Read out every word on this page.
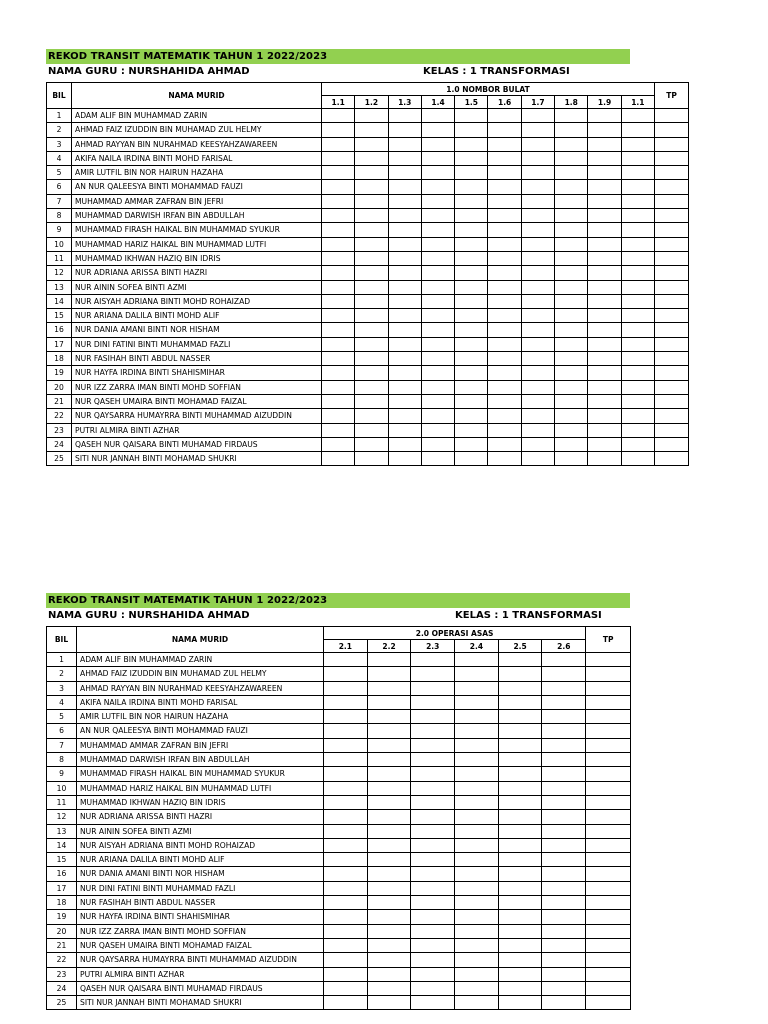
REKOD TRANSIT MATEMATIK TAHUN 1 2022/2023
NAMA GURU : NURSHAHIDA AHMAD	KELAS : 1 TRANSFORMASI
BIL	NAMA MURID	1.0 NOMBOR BULAT										TP
		1.1	1.2	1.3	1.4	1.5	1.6	1.7	1.8	1.9	1.1	
1	ADAM ALIF BIN MUHAMMAD ZARIN											
2	AHMAD FAIZ IZUDDIN BIN MUHAMAD ZUL HELMY											
3	AHMAD RAYYAN BIN NURAHMAD KEESYAHZAWAREEN											
4	AKIFA NAILA IRDINA BINTI MOHD FARISAL											
5	AMIR LUTFIL BIN NOR HAIRUN HAZAHA											
6	AN NUR QALEESYA BINTI MOHAMMAD FAUZI											
7	MUHAMMAD AMMAR ZAFRAN BIN JEFRI											
8	MUHAMMAD DARWISH IRFAN BIN ABDULLAH											
9	MUHAMMAD FIRASH HAIKAL BIN MUHAMMAD SYUKUR											
10	MUHAMMAD HARIZ HAIKAL BIN MUHAMMAD LUTFI											
11	MUHAMMAD IKHWAN HAZIQ BIN IDRIS											
12	NUR ADRIANA ARISSA BINTI HAZRI											
13	NUR AININ SOFEA BINTI AZMI											
14	NUR AISYAH ADRIANA BINTI MOHD ROHAIZAD											
15	NUR ARIANA DALILA BINTI MOHD ALIF											
16	NUR DANIA AMANI BINTI NOR HISHAM											
17	NUR DINI FATINI BINTI MUHAMMAD FAZLI											
18	NUR FASIHAH BINTI ABDUL NASSER											
19	NUR HAYFA IRDINA BINTI SHAHISMIHAR											
20	NUR IZZ ZARRA IMAN BINTI MOHD SOFFIAN											
21	NUR QASEH UMAIRA BINTI MOHAMAD FAIZAL											
22	NUR QAYSARRA HUMAYRRA BINTI MUHAMMAD AIZUDDIN											
23	PUTRI ALMIRA BINTI AZHAR											
24	QASEH NUR QAISARA BINTI MUHAMAD FIRDAUS											
25	SITI NUR JANNAH BINTI MOHAMAD SHUKRI											
REKOD TRANSIT MATEMATIK TAHUN 1 2022/2023
NAMA GURU : NURSHAHIDA AHMAD	KELAS : 1 TRANSFORMASI
BIL	NAMA MURID	2.0 OPERASI ASAS						TP
		2.1	2.2	2.3	2.4	2.5	2.6	
1	ADAM ALIF BIN MUHAMMAD ZARIN							
2	AHMAD FAIZ IZUDDIN BIN MUHAMAD ZUL HELMY							
3	AHMAD RAYYAN BIN NURAHMAD KEESYAHZAWAREEN							
4	AKIFA NAILA IRDINA BINTI MOHD FARISAL							
5	AMIR LUTFIL BIN NOR HAIRUN HAZAHA							
6	AN NUR QALEESYA BINTI MOHAMMAD FAUZI							
7	MUHAMMAD AMMAR ZAFRAN BIN JEFRI							
8	MUHAMMAD DARWISH IRFAN BIN ABDULLAH							
9	MUHAMMAD FIRASH HAIKAL BIN MUHAMMAD SYUKUR							
10	MUHAMMAD HARIZ HAIKAL BIN MUHAMMAD LUTFI							
11	MUHAMMAD IKHWAN HAZIQ BIN IDRIS							
12	NUR ADRIANA ARISSA BINTI HAZRI							
13	NUR AININ SOFEA BINTI AZMI							
14	NUR AISYAH ADRIANA BINTI MOHD ROHAIZAD							
15	NUR ARIANA DALILA BINTI MOHD ALIF							
16	NUR DANIA AMANI BINTI NOR HISHAM							
17	NUR DINI FATINI BINTI MUHAMMAD FAZLI							
18	NUR FASIHAH BINTI ABDUL NASSER							
19	NUR HAYFA IRDINA BINTI SHAHISMIHAR							
20	NUR IZZ ZARRA IMAN BINTI MOHD SOFFIAN							
21	NUR QASEH UMAIRA BINTI MOHAMAD FAIZAL							
22	NUR QAYSARRA HUMAYRRA BINTI MUHAMMAD AIZUDDIN							
23	PUTRI ALMIRA BINTI AZHAR							
24	QASEH NUR QAISARA BINTI MUHAMAD FIRDAUS							
25	SITI NUR JANNAH BINTI MOHAMAD SHUKRI							
